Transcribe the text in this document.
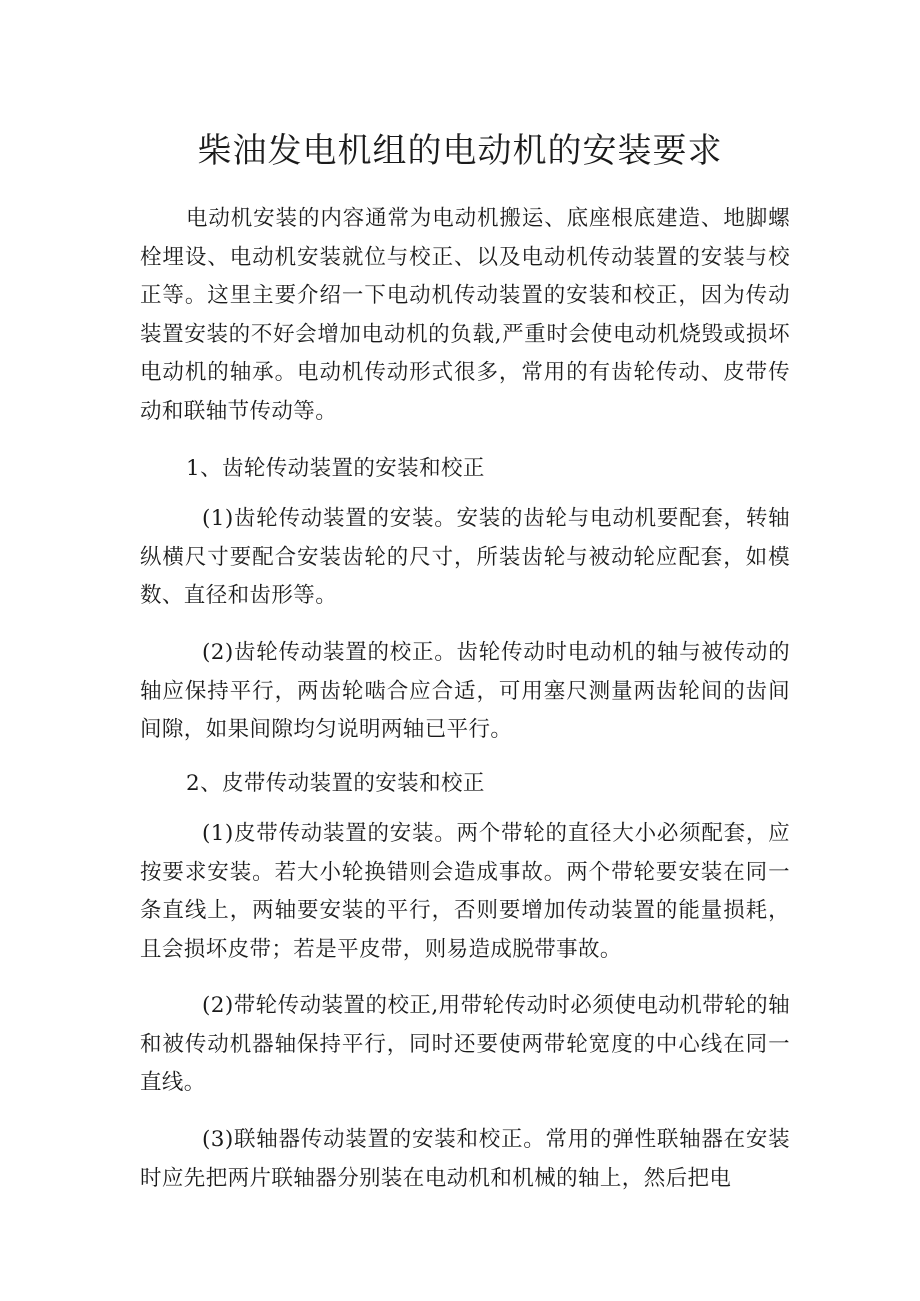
柴油发电机组的电动机的安装要求

电动机安装的内容通常为电动机搬运、底座根底建造、地脚螺栓埋设、电动机安装就位与校正、以及电动机传动装置的安装与校正等。这里主要介绍一下电动机传动装置的安装和校正，因为传动装置安装的不好会增加电动机的负载,严重时会使电动机烧毁或损坏电动机的轴承。电动机传动形式很多，常用的有齿轮传动、皮带传动和联轴节传动等。

1、齿轮传动装置的安装和校正

(1)齿轮传动装置的安装。安装的齿轮与电动机要配套，转轴纵横尺寸要配合安装齿轮的尺寸，所装齿轮与被动轮应配套，如模数、直径和齿形等。

(2)齿轮传动装置的校正。齿轮传动时电动机的轴与被传动的轴应保持平行，两齿轮啮合应合适，可用塞尺测量两齿轮间的齿间间隙，如果间隙均匀说明两轴已平行。

2、皮带传动装置的安装和校正

(1)皮带传动装置的安装。两个带轮的直径大小必须配套，应按要求安装。若大小轮换错则会造成事故。两个带轮要安装在同一条直线上，两轴要安装的平行，否则要增加传动装置的能量损耗，且会损坏皮带；若是平皮带，则易造成脱带事故。

(2)带轮传动装置的校正,用带轮传动时必须使电动机带轮的轴和被传动机器轴保持平行，同时还要使两带轮宽度的中心线在同一直线。

(3)联轴器传动装置的安装和校正。常用的弹性联轴器在安装时应先把两片联轴器分别装在电动机和机械的轴上，然后把电
